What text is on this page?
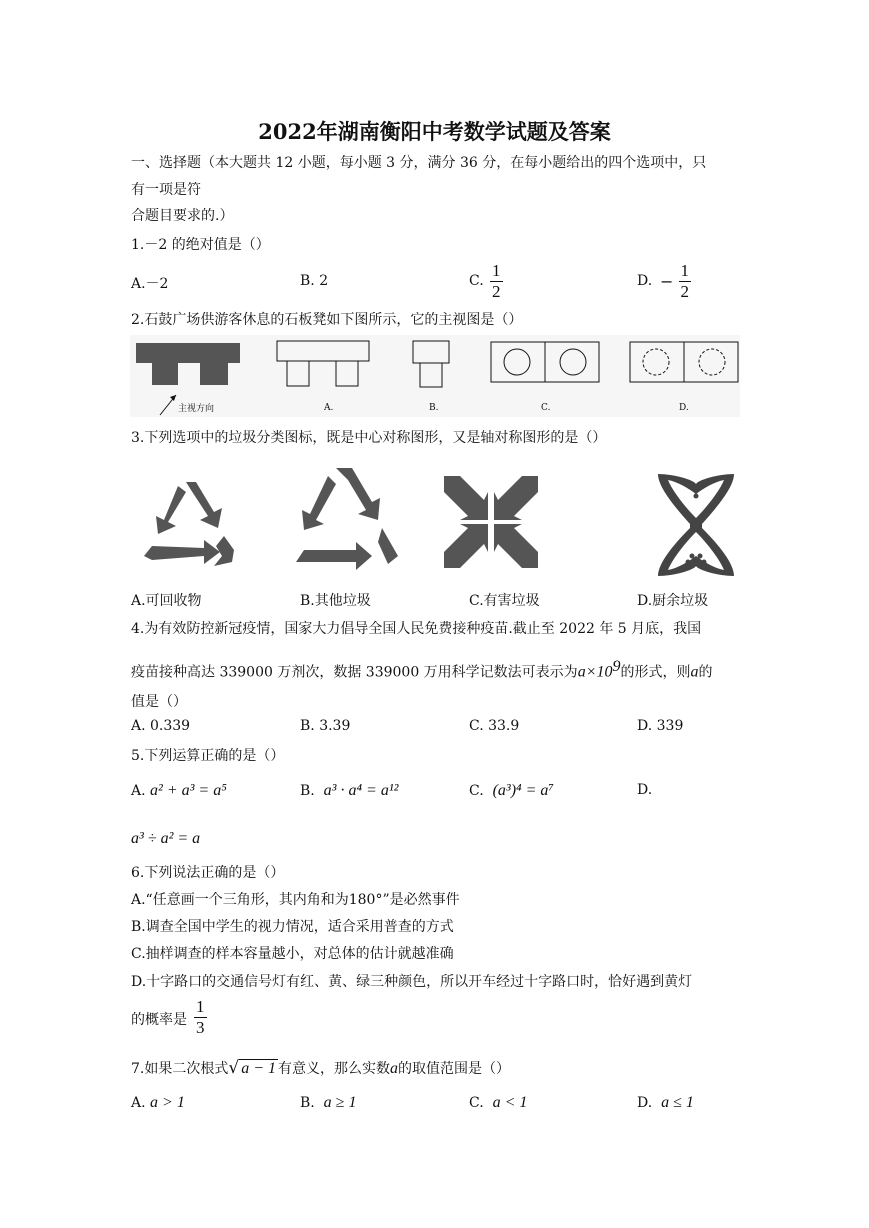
2022年湖南衡阳中考数学试题及答案
一、选择题（本大题共 12 小题，每小题 3 分，满分 36 分，在每小题给出的四个选项中，只
有一项是符
合题目要求的.）
1.－2 的绝对值是（）
A.－2	B. 2	C. $\frac{1}{2}$	D. − $\frac{1}{2}$
2.石鼓广场供游客休息的石板凳如下图所示，它的主视图是（）
主视方向	A.	B.	C.	D.
3.下列选项中的垃圾分类图标，既是中心对称图形，又是轴对称图形的是（）
A.可回收物	B.其他垃圾	C.有害垃圾	D.厨余垃圾
4.为有效防控新冠疫情，国家大力倡导全国人民免费接种疫苗.截止至 2022 年 5 月底，我国
疫苗接种高达 339000 万剂次，数据 339000 万用科学记数法可表示为$a\times 10^9$的形式，则a的
值是（）
A. 0.339	B. 3.39	C. 33.9	D. 339
5.下列运算正确的是（）
A. a² + a³ = a⁵	B. a³ · a⁴ = a¹²	C. (a³)⁴ = a⁷	D.
a³ ÷ a² = a
6.下列说法正确的是（）
A.“任意画一个三角形，其内角和为180°”是必然事件
B.调查全国中学生的视力情况，适合采用普查的方式
C.抽样调查的样本容量越小，对总体的估计就越准确
D.十字路口的交通信号灯有红、黄、绿三种颜色，所以开车经过十字路口时，恰好遇到黄灯
的概率是 $\frac{1}{3}$
7.如果二次根式√ a − 1 有意义，那么实数a的取值范围是（）
A. a > 1	B. a ≥ 1	C. a < 1	D. a ≤ 1
